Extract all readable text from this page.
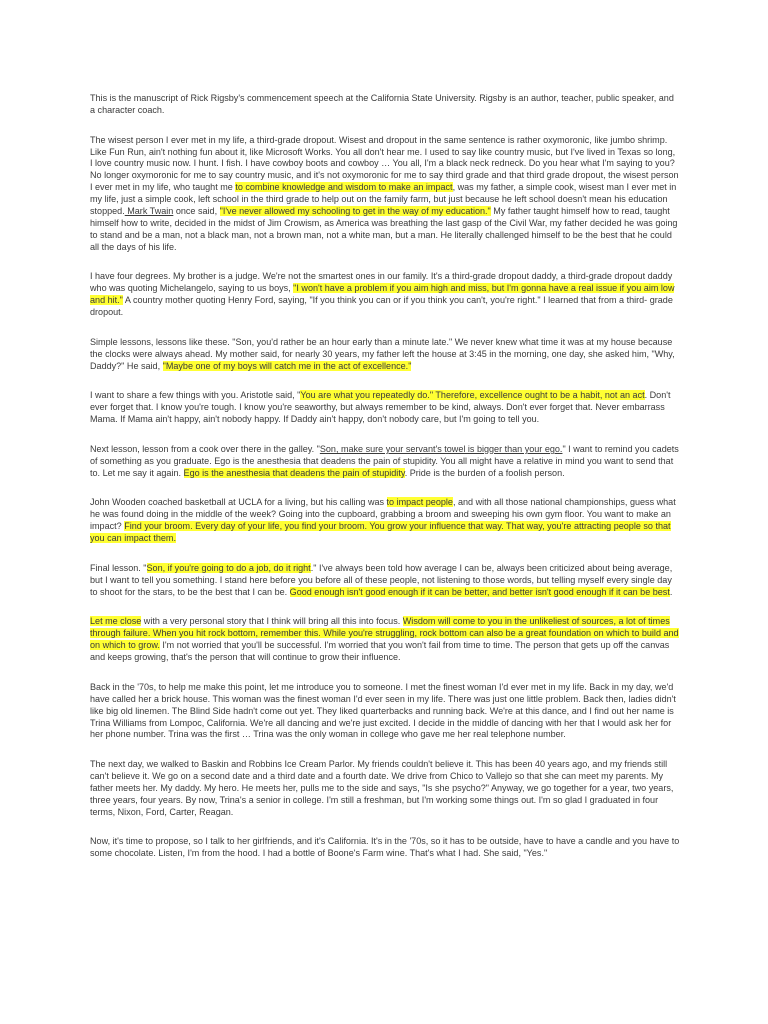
This is the manuscript of Rick Rigsby's commencement speech at the California State University. Rigsby is an author, teacher, public speaker, and a character coach.

The wisest person I ever met in my life, a third-grade dropout. Wisest and dropout in the same sentence is rather oxymoronic, like jumbo shrimp. Like Fun Run, ain't nothing fun about it, like Microsoft Works. You all don't hear me. I used to say like country music, but I've lived in Texas so long, I love country music now. I hunt. I fish. I have cowboy boots and cowboy … You all, I'm a black neck redneck. Do you hear what I'm saying to you? No longer oxymoronic for me to say country music, and it's not oxymoronic for me to say third grade and that third grade dropout, the wisest person I ever met in my life, who taught me to combine knowledge and wisdom to make an impact, was my father, a simple cook, wisest man I ever met in my life, just a simple cook, left school in the third grade to help out on the family farm, but just because he left school doesn't mean his education stopped. Mark Twain once said, "I've never allowed my schooling to get in the way of my education." My father taught himself how to read, taught himself how to write, decided in the midst of Jim Crowism, as America was breathing the last gasp of the Civil War, my father decided he was going to stand and be a man, not a black man, not a brown man, not a white man, but a man. He literally challenged himself to be the best that he could all the days of his life.

I have four degrees. My brother is a judge. We're not the smartest ones in our family. It's a third-grade dropout daddy, a third-grade dropout daddy who was quoting Michelangelo, saying to us boys, "I won't have a problem if you aim high and miss, but I'm gonna have a real issue if you aim low and hit." A country mother quoting Henry Ford, saying, "If you think you can or if you think you can't, you're right." I learned that from a third- grade dropout.

Simple lessons, lessons like these. "Son, you'd rather be an hour early than a minute late." We never knew what time it was at my house because the clocks were always ahead. My mother said, for nearly 30 years, my father left the house at 3:45 in the morning, one day, she asked him, "Why, Daddy?" He said, "Maybe one of my boys will catch me in the act of excellence."

I want to share a few things with you. Aristotle said, "You are what you repeatedly do." Therefore, excellence ought to be a habit, not an act. Don't ever forget that. I know you're tough. I know you're seaworthy, but always remember to be kind, always. Don't ever forget that. Never embarrass Mama. If Mama ain't happy, ain't nobody happy. If Daddy ain't happy, don't nobody care, but I'm going to tell you.

Next lesson, lesson from a cook over there in the galley. "Son, make sure your servant's towel is bigger than your ego." I want to remind you cadets of something as you graduate. Ego is the anesthesia that deadens the pain of stupidity. You all might have a relative in mind you want to send that to. Let me say it again. Ego is the anesthesia that deadens the pain of stupidity. Pride is the burden of a foolish person.

John Wooden coached basketball at UCLA for a living, but his calling was to impact people, and with all those national championships, guess what he was found doing in the middle of the week? Going into the cupboard, grabbing a broom and sweeping his own gym floor. You want to make an impact? Find your broom. Every day of your life, you find your broom. You grow your influence that way. That way, you're attracting people so that you can impact them.

Final lesson. "Son, if you're going to do a job, do it right." I've always been told how average I can be, always been criticized about being average, but I want to tell you something. I stand here before you before all of these people, not listening to those words, but telling myself every single day to shoot for the stars, to be the best that I can be. Good enough isn't good enough if it can be better, and better isn't good enough if it can be best.

Let me close with a very personal story that I think will bring all this into focus. Wisdom will come to you in the unlikeliest of sources, a lot of times through failure. When you hit rock bottom, remember this. While you're struggling, rock bottom can also be a great foundation on which to build and on which to grow. I'm not worried that you'll be successful. I'm worried that you won't fail from time to time. The person that gets up off the canvas and keeps growing, that's the person that will continue to grow their influence.

Back in the '70s, to help me make this point, let me introduce you to someone. I met the finest woman I'd ever met in my life. Back in my day, we'd have called her a brick house. This woman was the finest woman I'd ever seen in my life. There was just one little problem. Back then, ladies didn't like big old linemen. The Blind Side hadn't come out yet. They liked quarterbacks and running back. We're at this dance, and I find out her name is Trina Williams from Lompoc, California. We're all dancing and we're just excited. I decide in the middle of dancing with her that I would ask her for her phone number. Trina was the first … Trina was the only woman in college who gave me her real telephone number.

The next day, we walked to Baskin and Robbins Ice Cream Parlor. My friends couldn't believe it. This has been 40 years ago, and my friends still can't believe it. We go on a second date and a third date and a fourth date. We drive from Chico to Vallejo so that she can meet my parents. My father meets her. My daddy. My hero. He meets her, pulls me to the side and says, "Is she psycho?" Anyway, we go together for a year, two years, three years, four years. By now, Trina's a senior in college. I'm still a freshman, but I'm working some things out. I'm so glad I graduated in four terms, Nixon, Ford, Carter, Reagan.

Now, it's time to propose, so I talk to her girlfriends, and it's California. It's in the '70s, so it has to be outside, have to have a candle and you have to some chocolate. Listen, I'm from the hood. I had a bottle of Boone's Farm wine. That's what I had. She said, "Yes."
